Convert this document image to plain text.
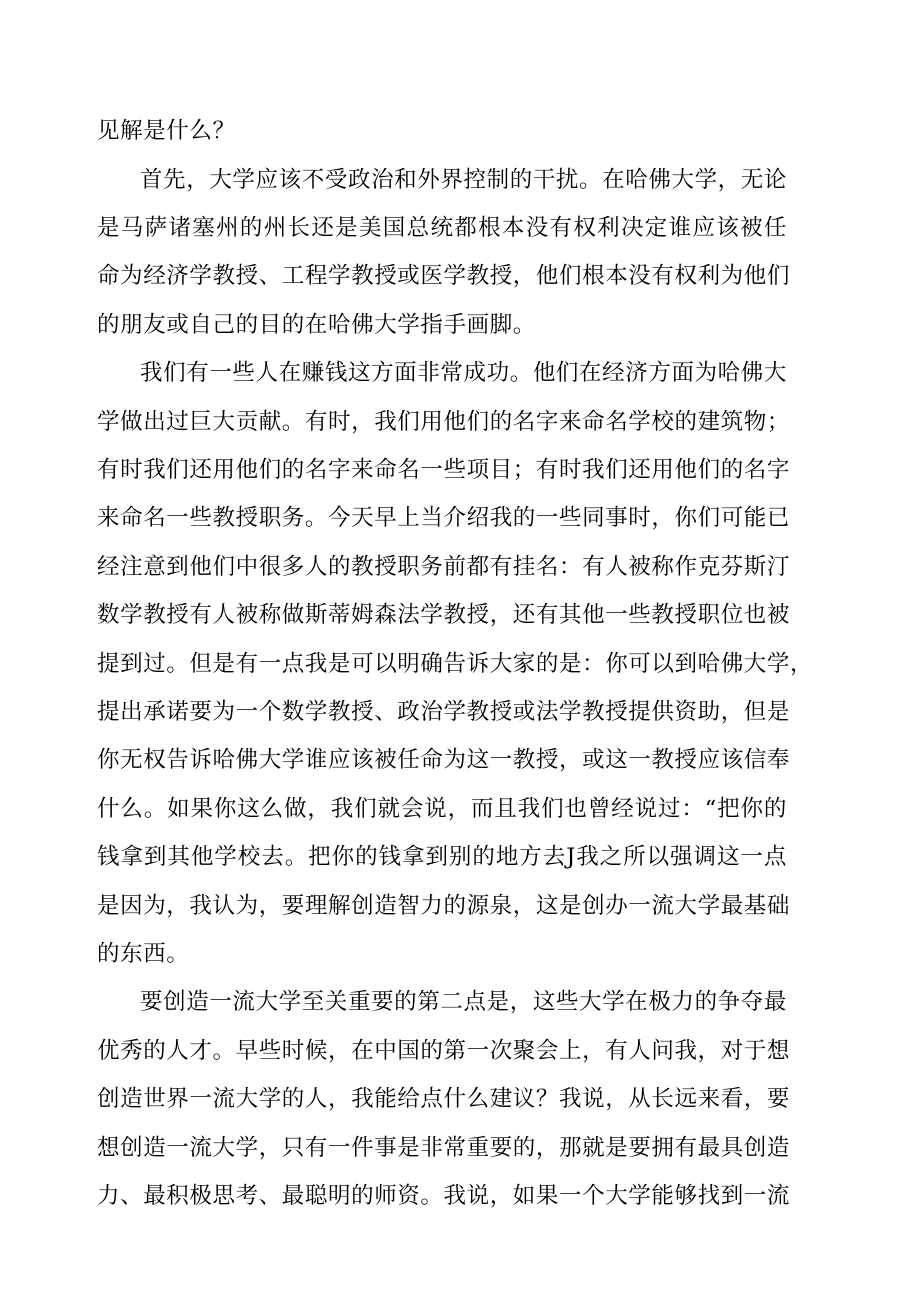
见解是什么？
首先，大学应该不受政治和外界控制的干扰。在哈佛大学，无论
是马萨诸塞州的州长还是美国总统都根本没有权利决定谁应该被任
命为经济学教授、工程学教授或医学教授，他们根本没有权利为他们
的朋友或自己的目的在哈佛大学指手画脚。
我们有一些人在赚钱这方面非常成功。他们在经济方面为哈佛大
学做出过巨大贡献。有时，我们用他们的名字来命名学校的建筑物；
有时我们还用他们的名字来命名一些项目；有时我们还用他们的名字
来命名一些教授职务。今天早上当介绍我的一些同事时，你们可能已
经注意到他们中很多人的教授职务前都有挂名：有人被称作克芬斯汀
数学教授有人被称做斯蒂姆森法学教授，还有其他一些教授职位也被
提到过。但是有一点我是可以明确告诉大家的是：你可以到哈佛大学，
提出承诺要为一个数学教授、政治学教授或法学教授提供资助，但是
你无权告诉哈佛大学谁应该被任命为这一教授，或这一教授应该信奉
什么。如果你这么做，我们就会说，而且我们也曾经说过：“把你的
钱拿到其他学校去。把你的钱拿到别的地方去J我之所以强调这一点
是因为，我认为，要理解创造智力的源泉，这是创办一流大学最基础
的东西。
要创造一流大学至关重要的第二点是，这些大学在极力的争夺最
优秀的人才。早些时候，在中国的第一次聚会上，有人问我，对于想
创造世界一流大学的人，我能给点什么建议？我说，从长远来看，要
想创造一流大学，只有一件事是非常重要的，那就是要拥有最具创造
力、最积极思考、最聪明的师资。我说，如果一个大学能够找到一流
